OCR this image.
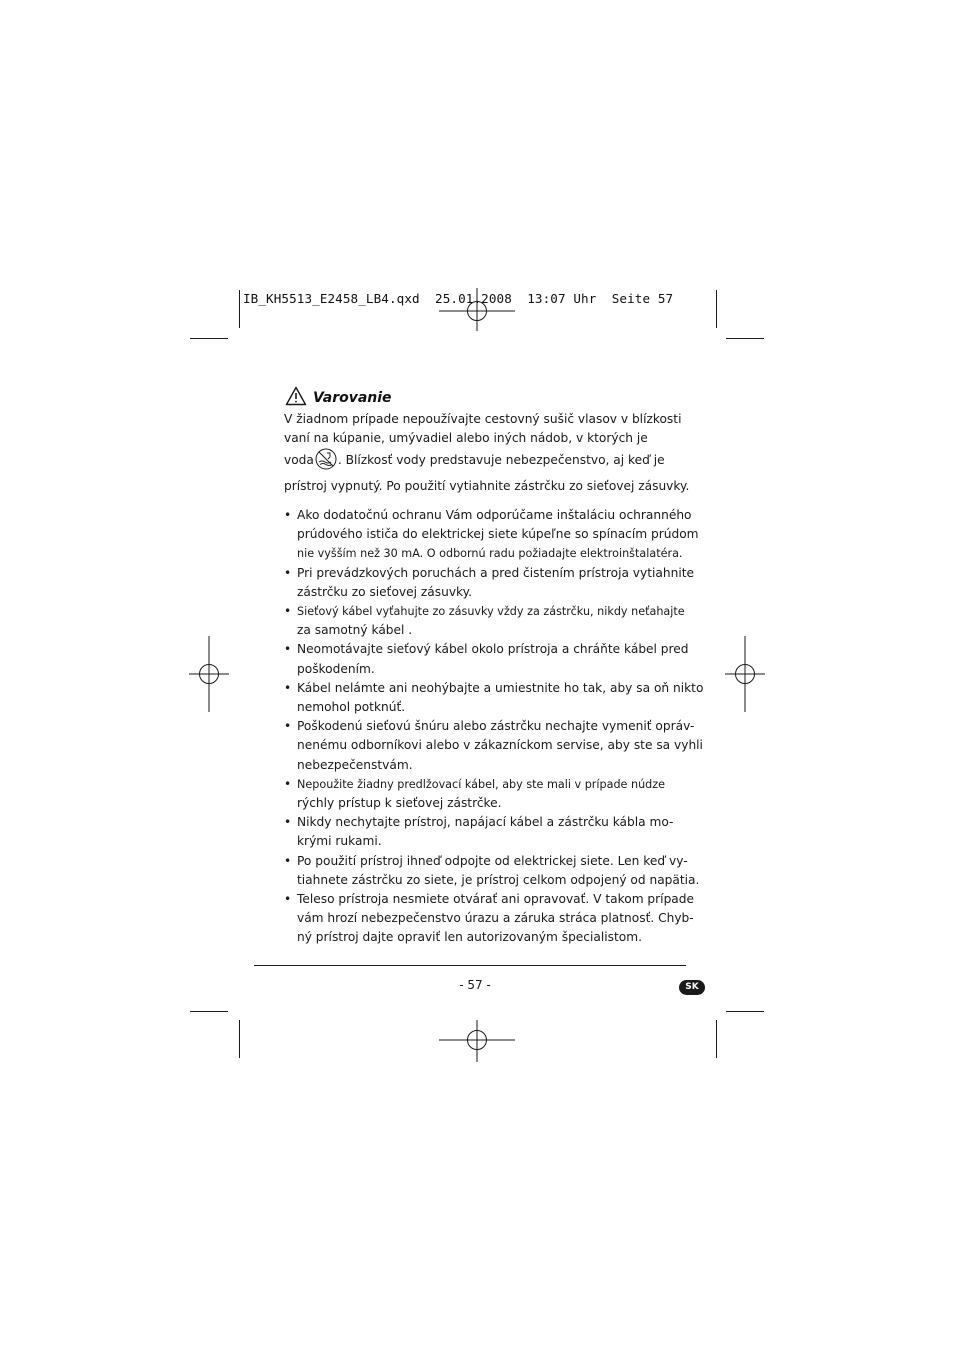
IB_KH5513_E2458_LB4.qxd  25.01.2008  13:07 Uhr  Seite 57
Varovanie

V žiadnom prípade nepoužívajte cestovný sušič vlasov v blízkosti

vaní na kúpanie, umývadiel alebo iných nádob, v ktorých je

voda . Blízkosť vody predstavuje nebezpečenstvo, aj keď je

prístroj vypnutý. Po použití vytiahnite zástrčku zo sieťovej zásuvky.

• Ako dodatočnú ochranu Vám odporúčame inštaláciu ochranného
prúdového ističa do elektrickej siete kúpeľne so spínacím prúdom
nie vyšším než 30 mA. O odbornú radu požiadajte elektroinštalatéra.
• Pri prevádzkových poruchách a pred čistením prístroja vytiahnite
zástrčku zo sieťovej zásuvky.
• Sieťový kábel vyťahujte zo zásuvky vždy za zástrčku, nikdy neťahajte
za samotný kábel .
• Neomotávajte sieťový kábel okolo prístroja a chráňte kábel pred
poškodením.
• Kábel nelámte ani neohýbajte a umiestnite ho tak, aby sa oň nikto
nemohol potknúť.
• Poškodenú sieťovú šnúru alebo zástrčku nechajte vymeniť opráv-
nenému odborníkovi alebo v zákazníckom servise, aby ste sa vyhli
nebezpečenstvám.
• Nepoužite žiadny predlžovací kábel, aby ste mali v prípade núdze
rýchly prístup k sieťovej zástrčke.
• Nikdy nechytajte prístroj, napájací kábel a zástrčku kábla mo-
krými rukami.
• Po použití prístroj ihneď odpojte od elektrickej siete. Len keď vy-
tiahnete zástrčku zo siete, je prístroj celkom odpojený od napätia.
• Teleso prístroja nesmiete otvárať ani opravovať. V takom prípade
vám hrozí nebezpečenstvo úrazu a záruka stráca platnosť. Chyb-
ný prístroj dajte opraviť len autorizovaným špecialistom.
- 57 -	SK
